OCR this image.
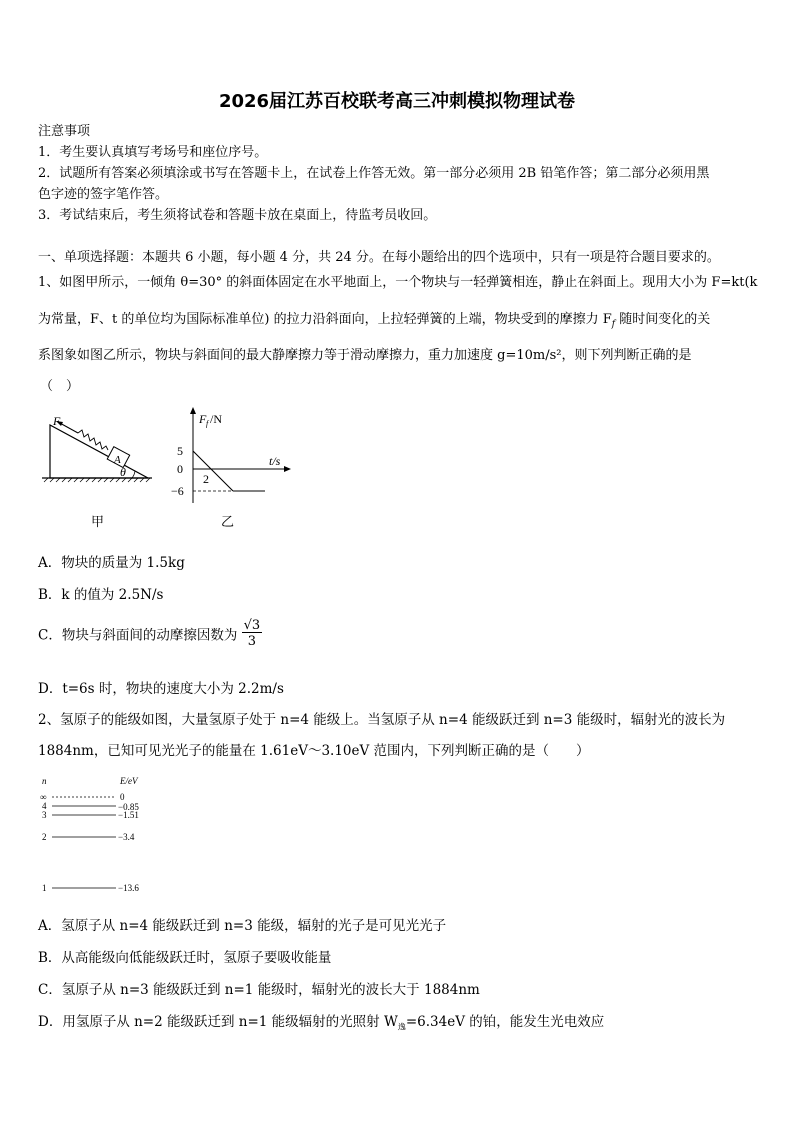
2026届江苏百校联考高三冲刺模拟物理试卷
注意事项
1．考生要认真填写考场号和座位序号。
2．试题所有答案必须填涂或书写在答题卡上，在试卷上作答无效。第一部分必须用 2B 铅笔作答；第二部分必须用黑
色字迹的签字笔作答。
3．考试结束后，考生须将试卷和答题卡放在桌面上，待监考员收回。
一、单项选择题：本题共 6 小题，每小题 4 分，共 24 分。在每小题给出的四个选项中，只有一项是符合题目要求的。
1、如图甲所示，一倾角 θ=30° 的斜面体固定在水平地面上，一个物块与一轻弹簧相连，静止在斜面上。现用大小为 F=kt(k
为常量，F、t 的单位均为国际标准单位) 的拉力沿斜面向，上拉轻弹簧的上端，物块受到的摩擦力 $F_f$ 随时间变化的关
系图象如图乙所示，物块与斜面间的最大静摩擦力等于滑动摩擦力，重力加速度 g=10m/s²，则下列判断正确的是
（　）
A
F
θ
甲
5
0
−6
2
F f /N
t/s
乙
A．物块的质量为 1.5kg
B．k 的值为 2.5N/s
C．物块与斜面间的动摩擦因数为 $\frac{√3}{3}$
D．t=6s 时，物块的速度大小为 2.2m/s
2、氢原子的能级如图，大量氢原子处于 n=4 能级上。当氢原子从 n=4 能级跃迁到 n=3 能级时，辐射光的波长为
1884nm，已知可见光光子的能量在 1.61eV～3.10eV 范围内，下列判断正确的是（　　）
n	E/eV
∞	0
4	−0.85
3	−1.51
2	−3.4
1	−13.6
A．氢原子从 n=4 能级跃迁到 n=3 能级，辐射的光子是可见光光子
B．从高能级向低能级跃迁时，氢原子要吸收能量
C．氢原子从 n=3 能级跃迁到 n=1 能级时，辐射光的波长大于 1884nm
D．用氢原子从 n=2 能级跃迁到 n=1 能级辐射的光照射 $W_逸=6.34eV$ 的铂，能发生光电效应
